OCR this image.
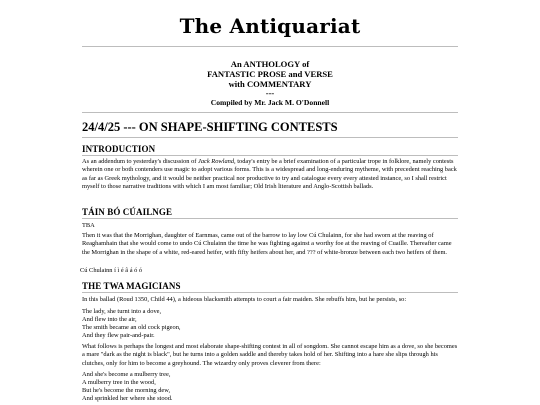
The Antiquariat
An ANTHOLOGY of
FANTASTIC PROSE and VERSE
with COMMENTARY
---
Compiled by Mr. Jack M. O'Donnell
24/4/25 --- ON SHAPE-SHIFTING CONTESTS
INTRODUCTION
As an addendum to yesterday's discussion of Jack Rowland, today's entry be a brief examination of a particular trope in folklore, namely contests wherein one or both contenders use magic to adopt various forms. This is a widespread and long-enduring mytheme, with precedent reaching back as far as Greek mythology, and it would be neither practical nor productive to try and catalogue every every attested instance, so I shall restrict myself to those narrative traditions with which I am most familiar; Old Irish literature and Anglo-Scottish ballads.
TÁIN BÓ CÚAILNGE
TBA
Then it was that the Morrighan, daughter of Earnmas, came out of the barrow to lay low Cú Chulainn, for she had sworn at the reaving of Reaghamhain that she would come to undo Cú Chulainn the time he was fighting against a worthy foe at the reaving of Cuaille. Thereafter came the Morrighan in the shape of a white, red-eared heifer, with fifty heifers about her, and ??? of white-bronze between each two heifers of them.
Cú Chulainn í ì é â á ó ó
THE TWA MAGICIANS
In this ballad (Roud 1350, Child 44), a hideous blacksmith attempts to court a fair maiden. She rebuffs him, but he persists, so:
The lady, she turnt into a dove,
And flew into the air,
The smith became an old cock pigeon,
And they flew pair-and-pair.
What follows is perhaps the longest and most elaborate shape-shifting contest in all of songdom. She cannot escape him as a dove, so she becomes a mare "dark as the night is black", but he turns into a golden saddle and thereby takes hold of her. Shifting into a hare she slips through his clutches, only for him to become a greyhound. The wizardry only proves cleverer from there:
And she's become a mulberry tree,
A mulberry tree in the wood,
But he's become the morning dew,
And sprinkled her where she stood.
